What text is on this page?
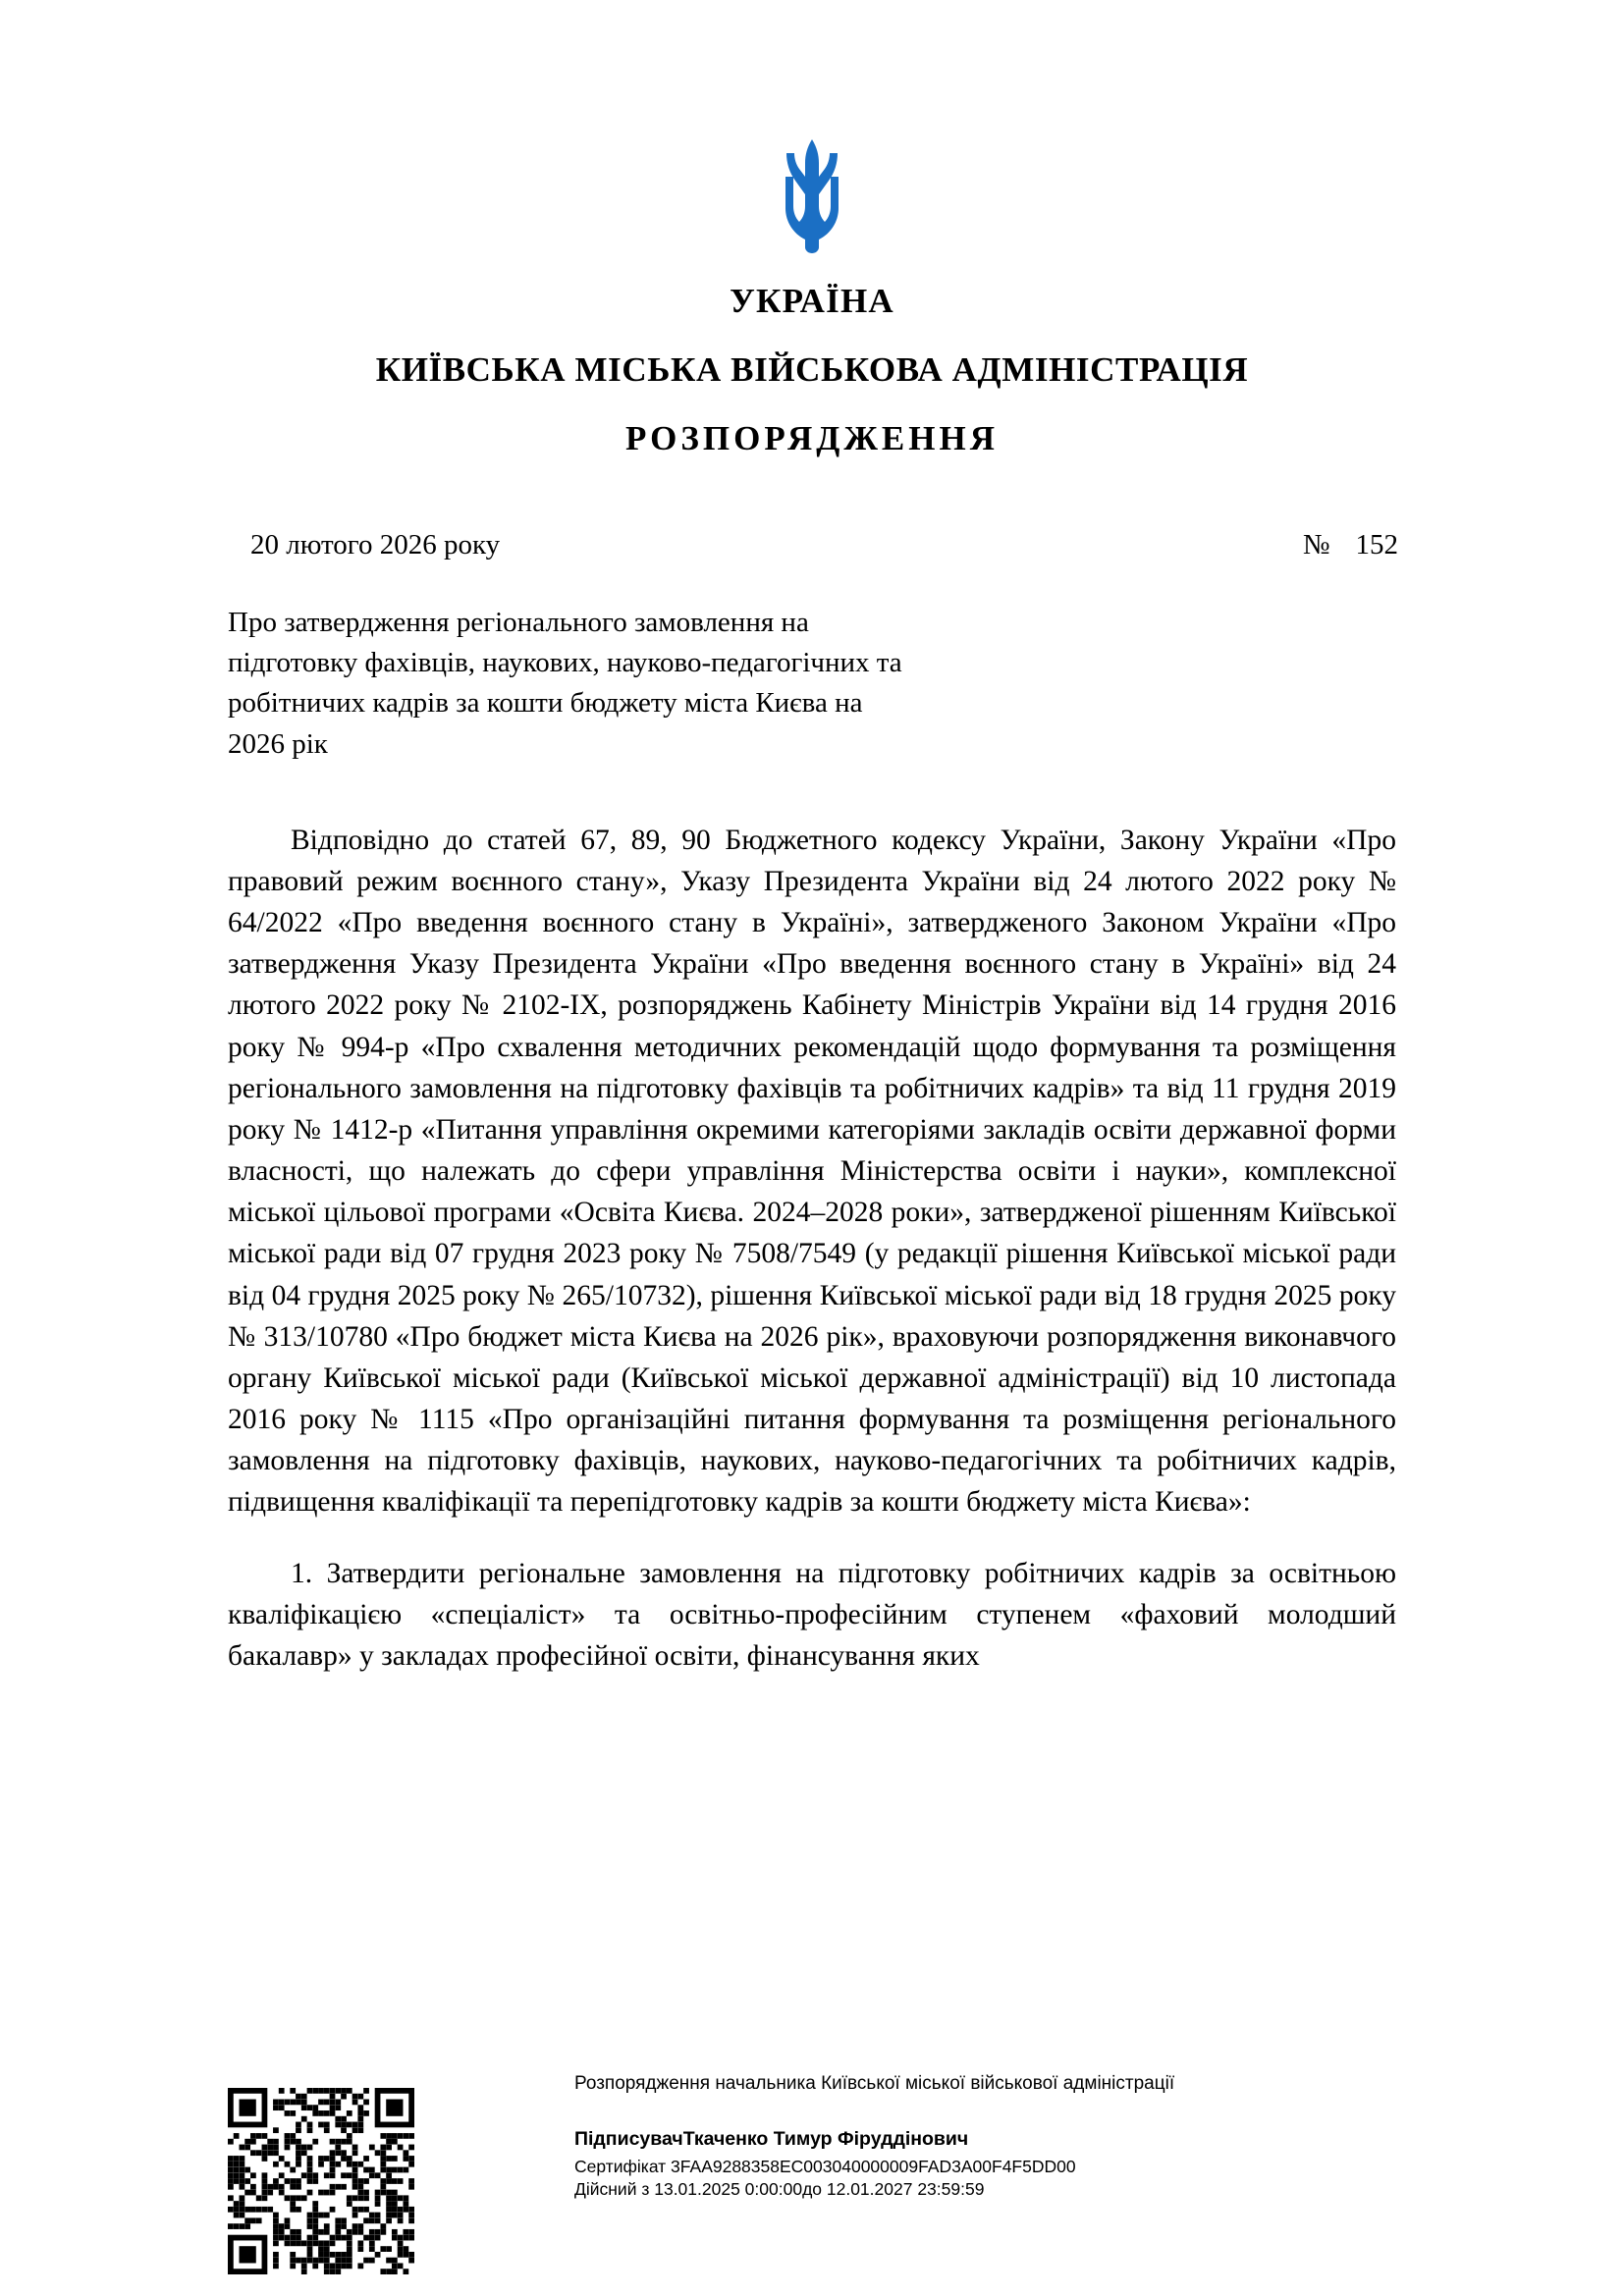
УКРАЇНА
КИЇВСЬКА МІСЬКА ВІЙСЬКОВА АДМІНІСТРАЦІЯ
РОЗПОРЯДЖЕННЯ
20 лютого 2026 року	№ 152
Про затвердження регіонального замовлення на підготовку фахівців, наукових, науково-педагогічних та робітничих кадрів за кошти бюджету міста Києва на 2026 рік

Відповідно до статей 67, 89, 90 Бюджетного кодексу України, Закону України «Про правовий режим воєнного стану», Указу Президента України від 24 лютого 2022 року № 64/2022 «Про введення воєнного стану в Україні», затвердженого Законом України «Про затвердження Указу Президента України «Про введення воєнного стану в Україні» від 24 лютого 2022 року № 2102-IX, розпоряджень Кабінету Міністрів України від 14 грудня 2016 року № 994-р «Про схвалення методичних рекомендацій щодо формування та розміщення регіонального замовлення на підготовку фахівців та робітничих кадрів» та від 11 грудня 2019 року № 1412-р «Питання управління окремими категоріями закладів освіти державної форми власності, що належать до сфери управління Міністерства освіти і науки», комплексної міської цільової програми «Освіта Києва. 2024–2028 роки», затвердженої рішенням Київської міської ради від 07 грудня 2023 року № 7508/7549 (у редакції рішення Київської міської ради від 04 грудня 2025 року № 265/10732), рішення Київської міської ради від 18 грудня 2025 року № 313/10780 «Про бюджет міста Києва на 2026 рік», враховуючи розпорядження виконавчого органу Київської міської ради (Київської міської державної адміністрації) від 10 листопада 2016 року № 1115 «Про організаційні питання формування та розміщення регіонального замовлення на підготовку фахівців, наукових, науково-педагогічних та робітничих кадрів, підвищення кваліфікації та перепідготовку кадрів за кошти бюджету міста Києва»:

1. Затвердити регіональне замовлення на підготовку робітничих кадрів за освітньою кваліфікацією «спеціаліст» та освітньо-професійним ступенем «фаховий молодший бакалавр» у закладах професійної освіти, фінансування яких

Розпорядження начальника Київської міської військової адміністрації
ПідписувачТкаченко Тимур Фіруддінович
Сертифікат 3FAA9288358EC003040000009FAD3A00F4F5DD00
Дійсний з 13.01.2025 0:00:00до 12.01.2027 23:59:59
